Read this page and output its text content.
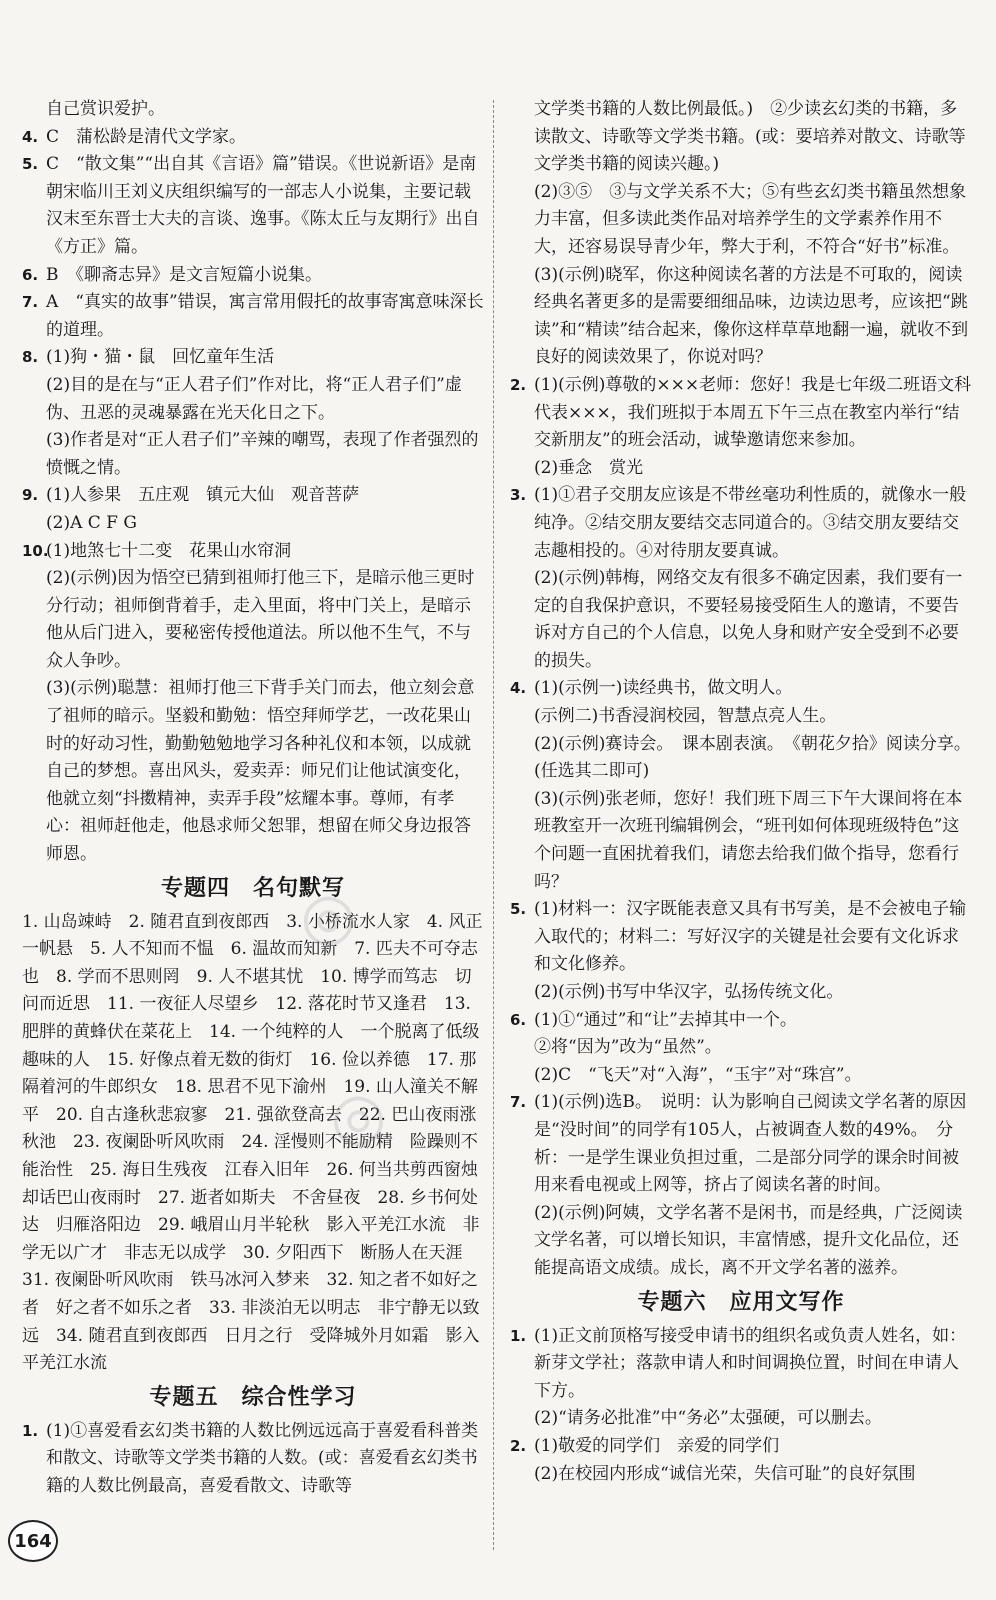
自己赏识爱护。

4. C　蒲松龄是清代文学家。

5. C　“散文集”“出自其《言语》篇”错误。《世说新语》是南朝宋临川王刘义庆组织编写的一部志人小说集，主要记载汉末至东晋士大夫的言谈、逸事。《陈太丘与友期行》出自《方正》篇。

6. B　《聊斋志异》是文言短篇小说集。

7. A　“真实的故事”错误，寓言常用假托的故事寄寓意味深长的道理。

8. (1)狗・猫・鼠　回忆童年生活

(2)目的是在与“正人君子们”作对比，将“正人君子们”虚伪、丑恶的灵魂暴露在光天化日之下。

(3)作者是对“正人君子们”辛辣的嘲骂，表现了作者强烈的愤慨之情。

9. (1)人参果　五庄观　镇元大仙　观音菩萨

(2)A C F G

10.

(1)地煞七十二变　花果山水帘洞

(2)(示例)因为悟空已猜到祖师打他三下，是暗示他三更时分行动；祖师倒背着手，走入里面，将中门关上，是暗示他从后门进入，要秘密传授他道法。所以他不生气，不与众人争吵。

(3)(示例)聪慧：祖师打他三下背手关门而去，他立刻会意了祖师的暗示。坚毅和勤勉：悟空拜师学艺，一改花果山时的好动习性，勤勤勉勉地学习各种礼仪和本领，以成就自己的梦想。喜出风头，爱卖弄：师兄们让他试演变化，他就立刻“抖擞精神，卖弄手段”炫耀本事。尊师，有孝心：祖师赶他走，他恳求师父恕罪，想留在师父身边报答师恩。

专题四　名句默写

1. 山岛竦峙　2. 随君直到夜郎西　3. 小桥流水人家　4. 风正一帆悬　5. 人不知而不愠　6. 温故而知新　7. 匹夫不可夺志也　8. 学而不思则罔　9. 人不堪其忧　10. 博学而笃志　切问而近思　11. 一夜征人尽望乡　12. 落花时节又逢君　13. 肥胖的黄蜂伏在菜花上　14. 一个纯粹的人　一个脱离了低级趣味的人　15. 好像点着无数的街灯　16. 俭以养德　17. 那隔着河的牛郎织女　18. 思君不见下渝州　19. 山人潼关不解平　20. 自古逢秋悲寂寥　21. 强欲登高去　22. 巴山夜雨涨秋池　23. 夜阑卧听风吹雨　24. 淫慢则不能励精　险躁则不能治性　25. 海日生残夜　江春入旧年　26. 何当共剪西窗烛　却话巴山夜雨时　27. 逝者如斯夫　不舍昼夜　28. 乡书何处达　归雁洛阳边　29. 峨眉山月半轮秋　影入平羌江水流　非学无以广才　非志无以成学　30. 夕阳西下　断肠人在天涯　31. 夜阑卧听风吹雨　铁马冰河入梦来　32. 知之者不如好之者　好之者不如乐之者　33. 非淡泊无以明志　非宁静无以致远　34. 随君直到夜郎西　日月之行　受降城外月如霜　影入平羌江水流

专题五　综合性学习
1. (1)①喜爱看玄幻类书籍的人数比例远远高于喜爱看科普类和散文、诗歌等文学类书籍的人数。(或：喜爱看玄幻类书籍的人数比例最高，喜爱看散文、诗歌等

文学类书籍的人数比例最低。)　②少读玄幻类的书籍，多读散文、诗歌等文学类书籍。(或：要培养对散文、诗歌等文学类书籍的阅读兴趣。)

(2)③⑤　③与文学关系不大；⑤有些玄幻类书籍虽然想象力丰富，但多读此类作品对培养学生的文学素养作用不大，还容易误导青少年，弊大于利，不符合“好书”标准。

(3)(示例)晓军，你这种阅读名著的方法是不可取的，阅读经典名著更多的是需要细细品味，边读边思考，应该把“跳读”和“精读”结合起来，像你这样草草地翻一遍，就收不到良好的阅读效果了，你说对吗？

2. (1)(示例)尊敬的×××老师：您好！我是七年级二班语文科代表×××，我们班拟于本周五下午三点在教室内举行“结交新朋友”的班会活动，诚挚邀请您来参加。

(2)垂念　赏光

3. (1)①君子交朋友应该是不带丝毫功利性质的，就像水一般纯净。②结交朋友要结交志同道合的。③结交朋友要结交志趣相投的。④对待朋友要真诚。

(2)(示例)韩梅，网络交友有很多不确定因素，我们要有一定的自我保护意识，不要轻易接受陌生人的邀请，不要告诉对方自己的个人信息，以免人身和财产安全受到不必要的损失。

4. (1)(示例一)读经典书，做文明人。

(示例二)书香浸润校园，智慧点亮人生。

(2)(示例)赛诗会。　课本剧表演。　《朝花夕拾》阅读分享。(任选其二即可)

(3)(示例)张老师，您好！我们班下周三下午大课间将在本班教室开一次班刊编辑例会，“班刊如何体现班级特色”这个问题一直困扰着我们，请您去给我们做个指导，您看行吗？

5. (1)材料一：汉字既能表意又具有书写美，是不会被电子输入取代的；材料二：写好汉字的关键是社会要有文化诉求和文化修养。

(2)(示例)书写中华汉字，弘扬传统文化。

6. (1)①“通过”和“让”去掉其中一个。

②将“因为”改为“虽然”。

(2)C　“飞天”对“入海”，“玉宇”对“珠宫”。

7. (1)(示例)选B。　说明：认为影响自己阅读文学名著的原因是“没时间”的同学有105人，占被调查人数的49%。　分析：一是学生课业负担过重，二是部分同学的课余时间被用来看电视或上网等，挤占了阅读名著的时间。

(2)(示例)阿姨，文学名著不是闲书，而是经典，广泛阅读文学名著，可以增长知识，丰富情感，提升文化品位，还能提高语文成绩。成长，离不开文学名著的滋养。

专题六　应用文写作
1. (1)正文前顶格写接受申请书的组织名或负责人姓名，如：新芽文学社；落款申请人和时间调换位置，时间在申请人下方。

(2)“请务必批准”中“务必”太强硬，可以删去。

2. (1)敬爱的同学们　亲爱的同学们

(2)在校园内形成“诚信光荣，失信可耻”的良好氛围

164
◎
◎
